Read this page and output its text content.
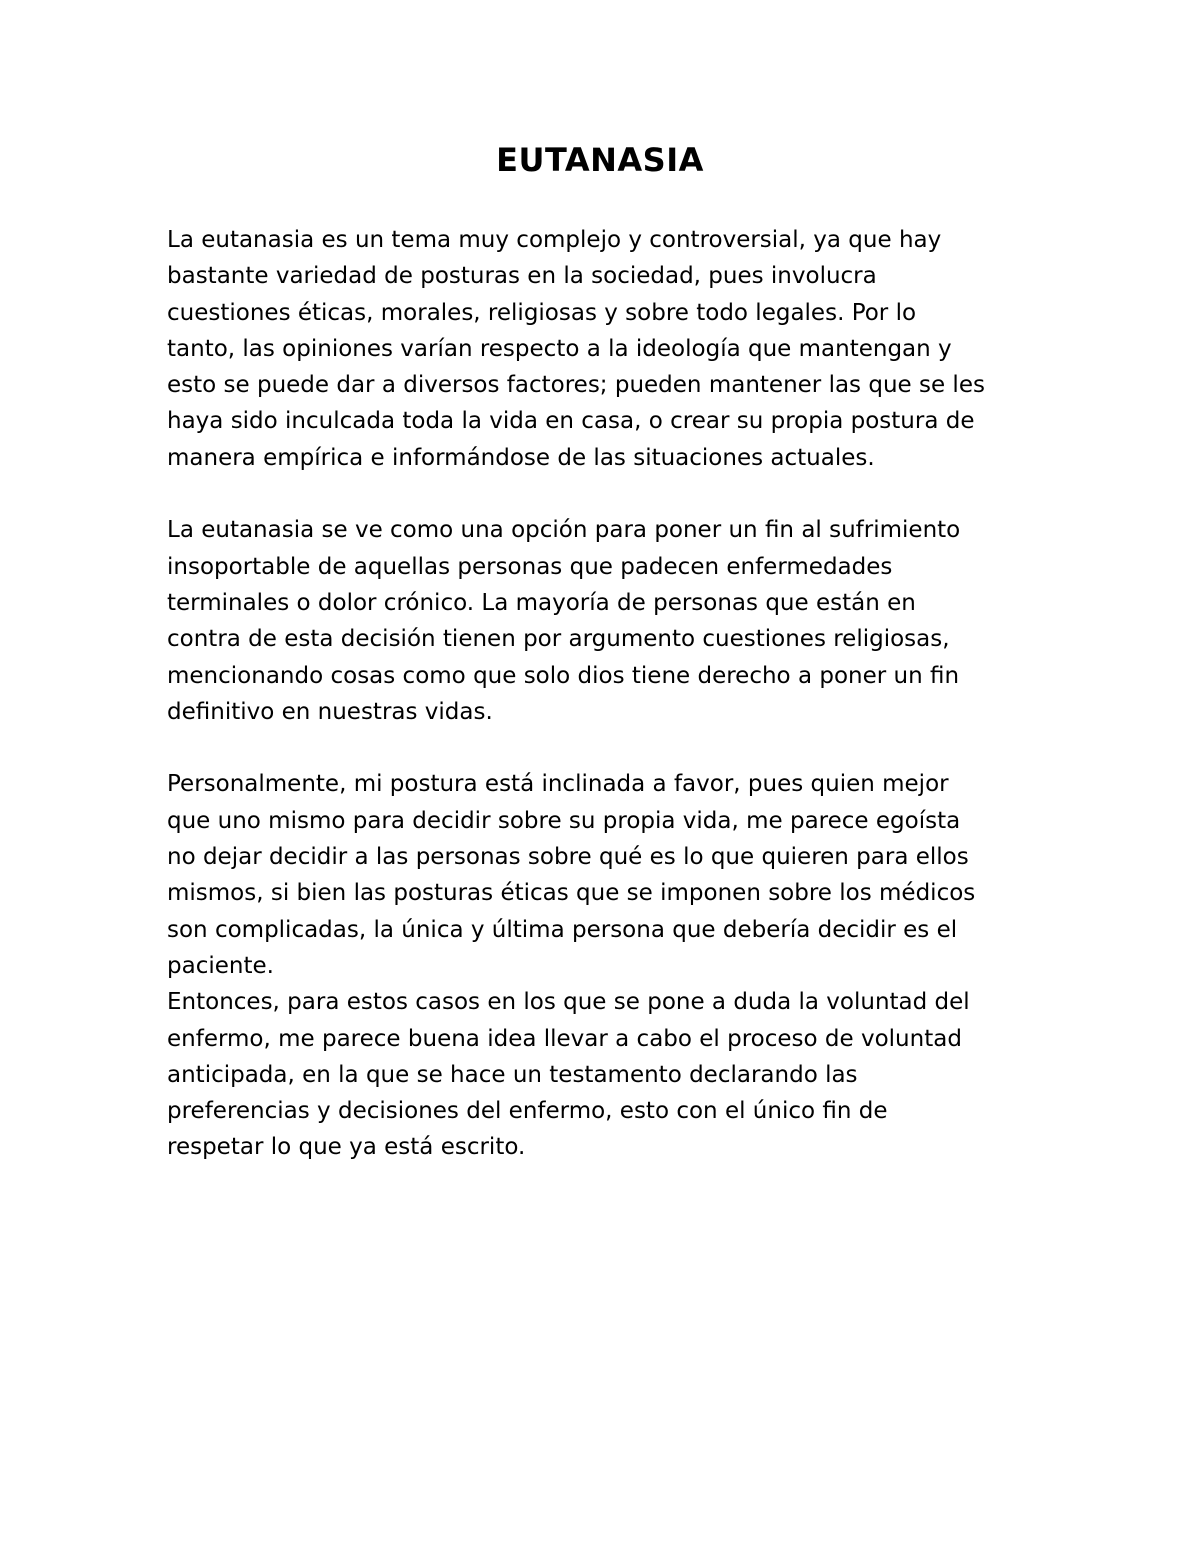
EUTANASIA
La eutanasia es un tema muy complejo y controversial, ya que hay
bastante variedad de posturas en la sociedad, pues involucra
cuestiones éticas, morales, religiosas y sobre todo legales. Por lo
tanto, las opiniones varían respecto a la ideología que mantengan y
esto se puede dar a diversos factores; pueden mantener las que se les
haya sido inculcada toda la vida en casa, o crear su propia postura de
manera empírica e informándose de las situaciones actuales.
La eutanasia se ve como una opción para poner un fin al sufrimiento
insoportable de aquellas personas que padecen enfermedades
terminales o dolor crónico. La mayoría de personas que están en
contra de esta decisión tienen por argumento cuestiones religiosas,
mencionando cosas como que solo dios tiene derecho a poner un fin
definitivo en nuestras vidas.
Personalmente, mi postura está inclinada a favor, pues quien mejor
que uno mismo para decidir sobre su propia vida, me parece egoísta
no dejar decidir a las personas sobre qué es lo que quieren para ellos
mismos, si bien las posturas éticas que se imponen sobre los médicos
son complicadas, la única y última persona que debería decidir es el
paciente.
Entonces, para estos casos en los que se pone a duda la voluntad del
enfermo, me parece buena idea llevar a cabo el proceso de voluntad
anticipada, en la que se hace un testamento declarando las
preferencias y decisiones del enfermo, esto con el único fin de
respetar lo que ya está escrito.
